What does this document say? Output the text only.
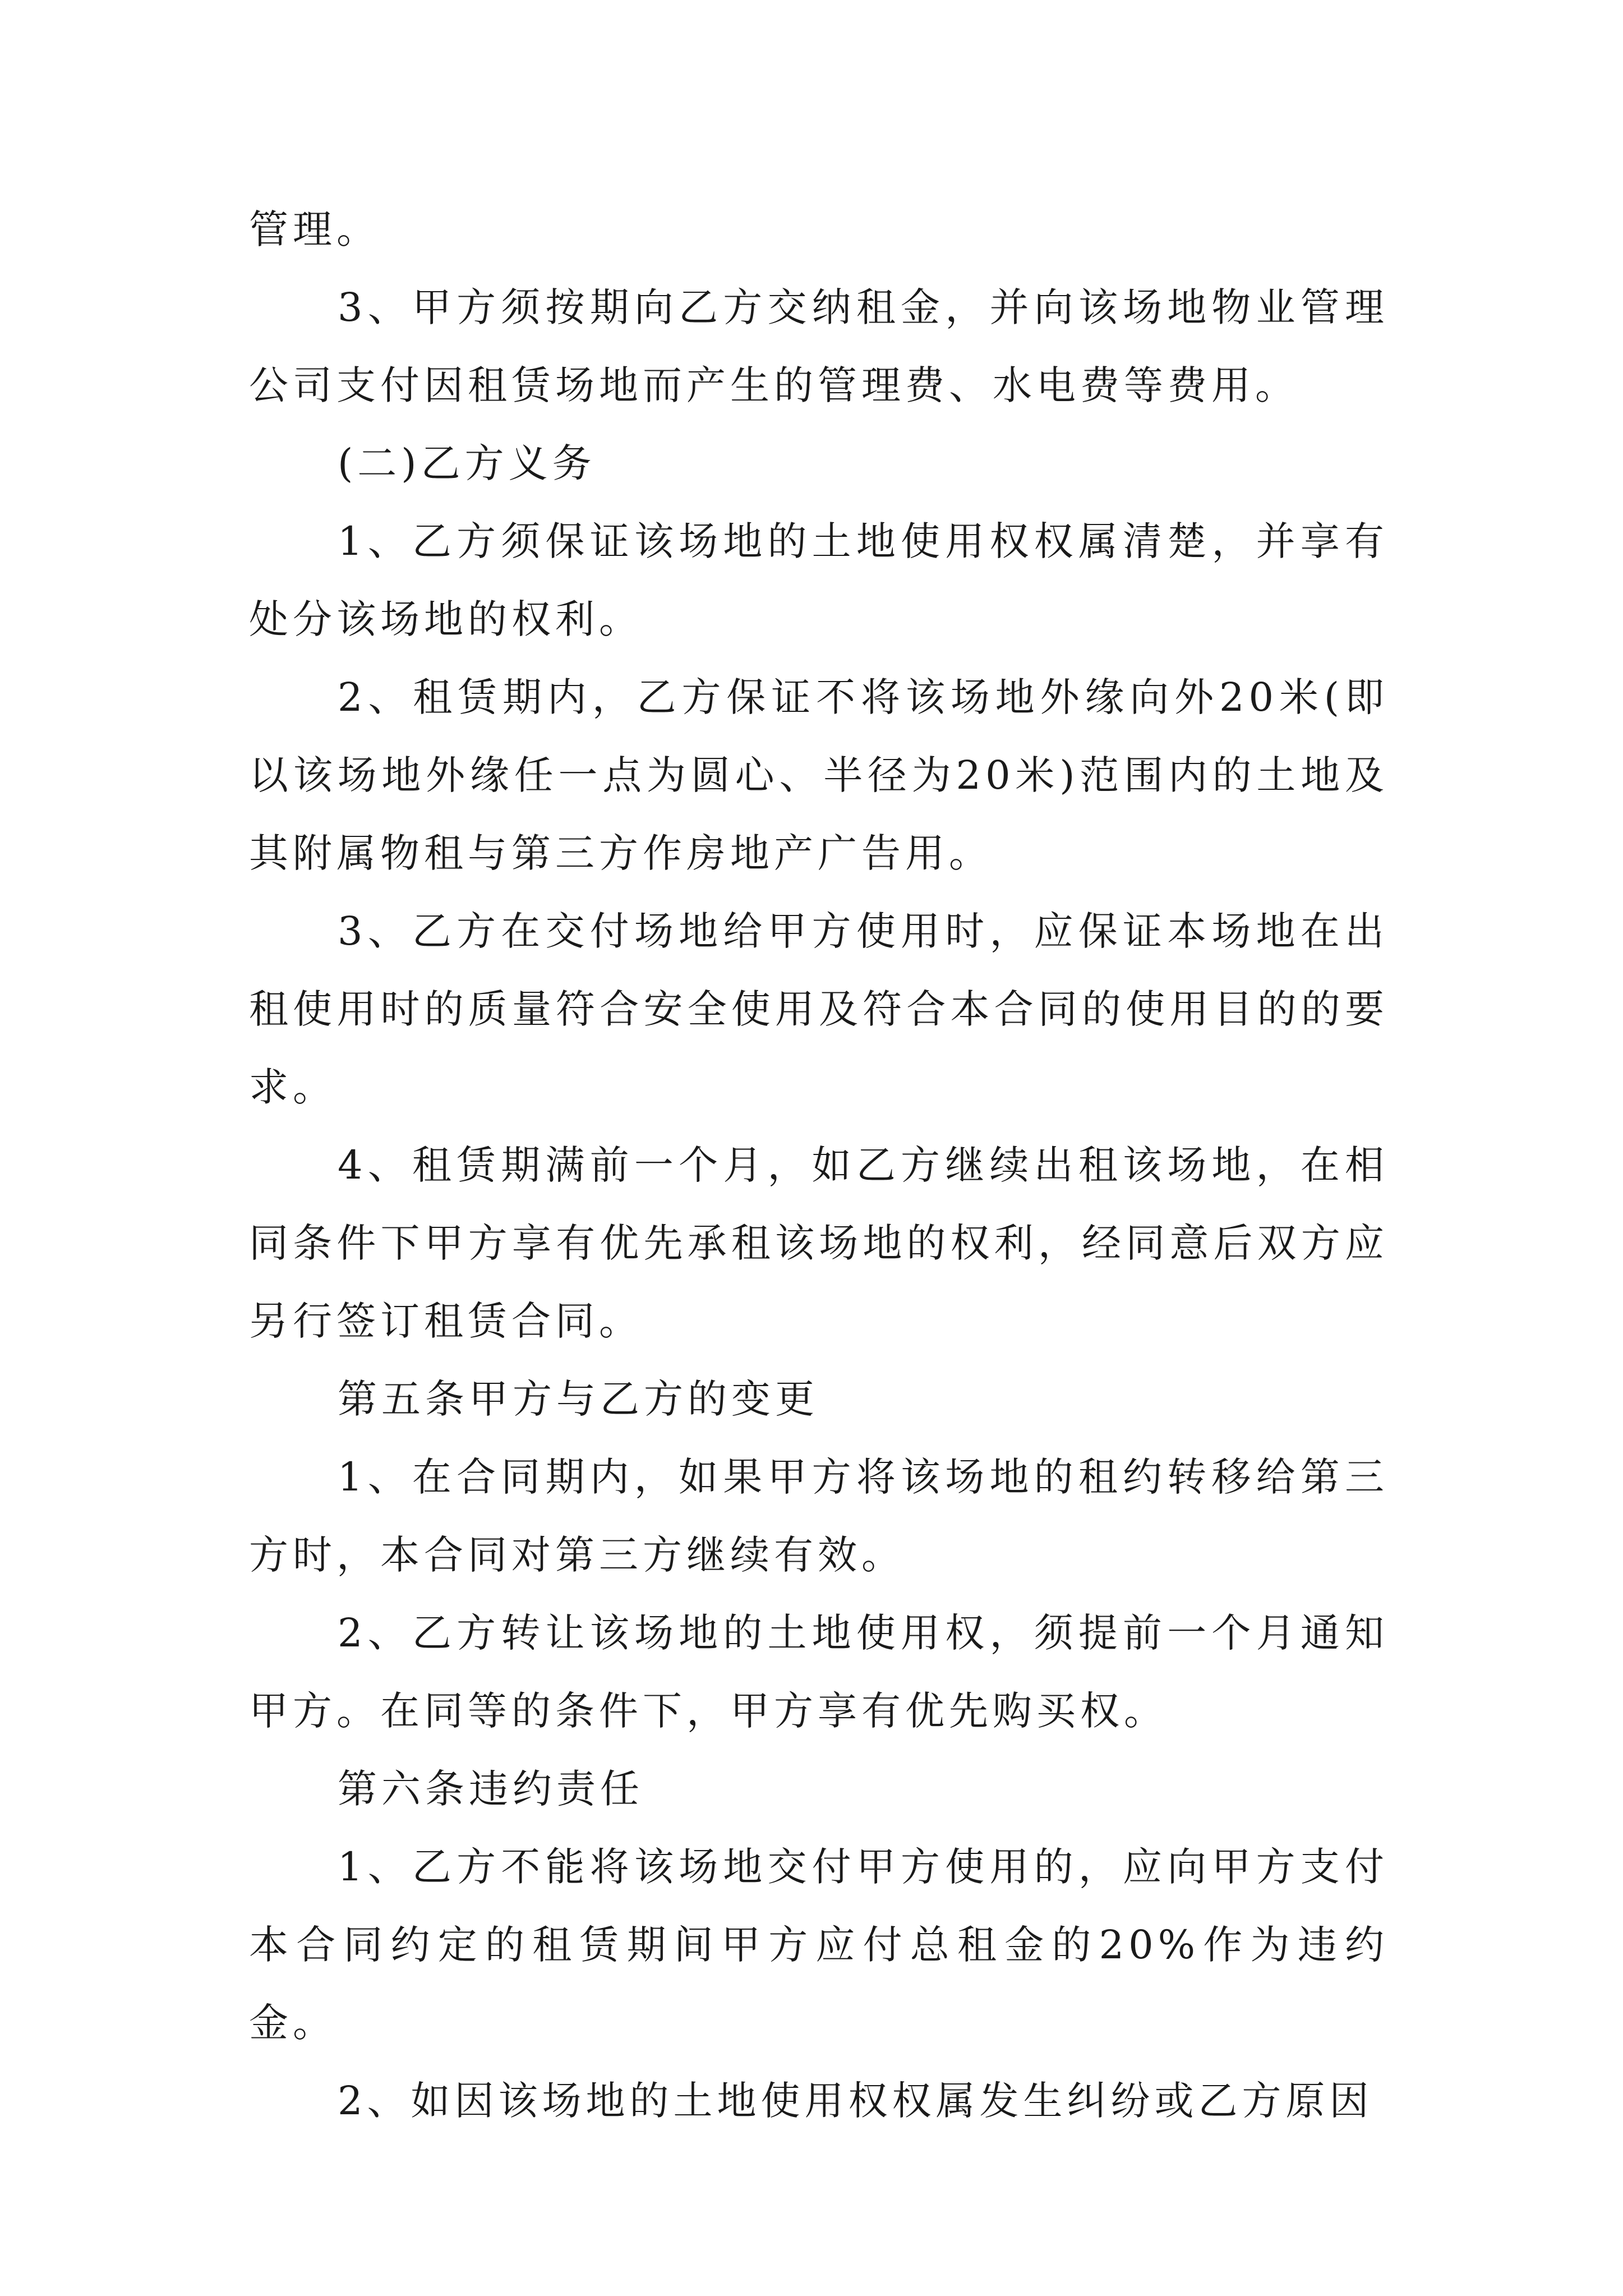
管理。

3、甲方须按期向乙方交纳租金，并向该场地物业管理公司支付因租赁场地而产生的管理费、水电费等费用。

(二)乙方义务

1、乙方须保证该场地的土地使用权权属清楚，并享有处分该场地的权利。

2、租赁期内，乙方保证不将该场地外缘向外20米(即以该场地外缘任一点为圆心、半径为20米)范围内的土地及其附属物租与第三方作房地产广告用。

3、乙方在交付场地给甲方使用时，应保证本场地在出租使用时的质量符合安全使用及符合本合同的使用目的的要求。

4、租赁期满前一个月，如乙方继续出租该场地，在相同条件下甲方享有优先承租该场地的权利，经同意后双方应另行签订租赁合同。

第五条甲方与乙方的变更

1、在合同期内，如果甲方将该场地的租约转移给第三方时，本合同对第三方继续有效。

2、乙方转让该场地的土地使用权，须提前一个月通知甲方。在同等的条件下，甲方享有优先购买权。

第六条违约责任

1、乙方不能将该场地交付甲方使用的，应向甲方支付本合同约定的租赁期间甲方应付总租金的20%作为违约金。

2、如因该场地的土地使用权权属发生纠纷或乙方原因
